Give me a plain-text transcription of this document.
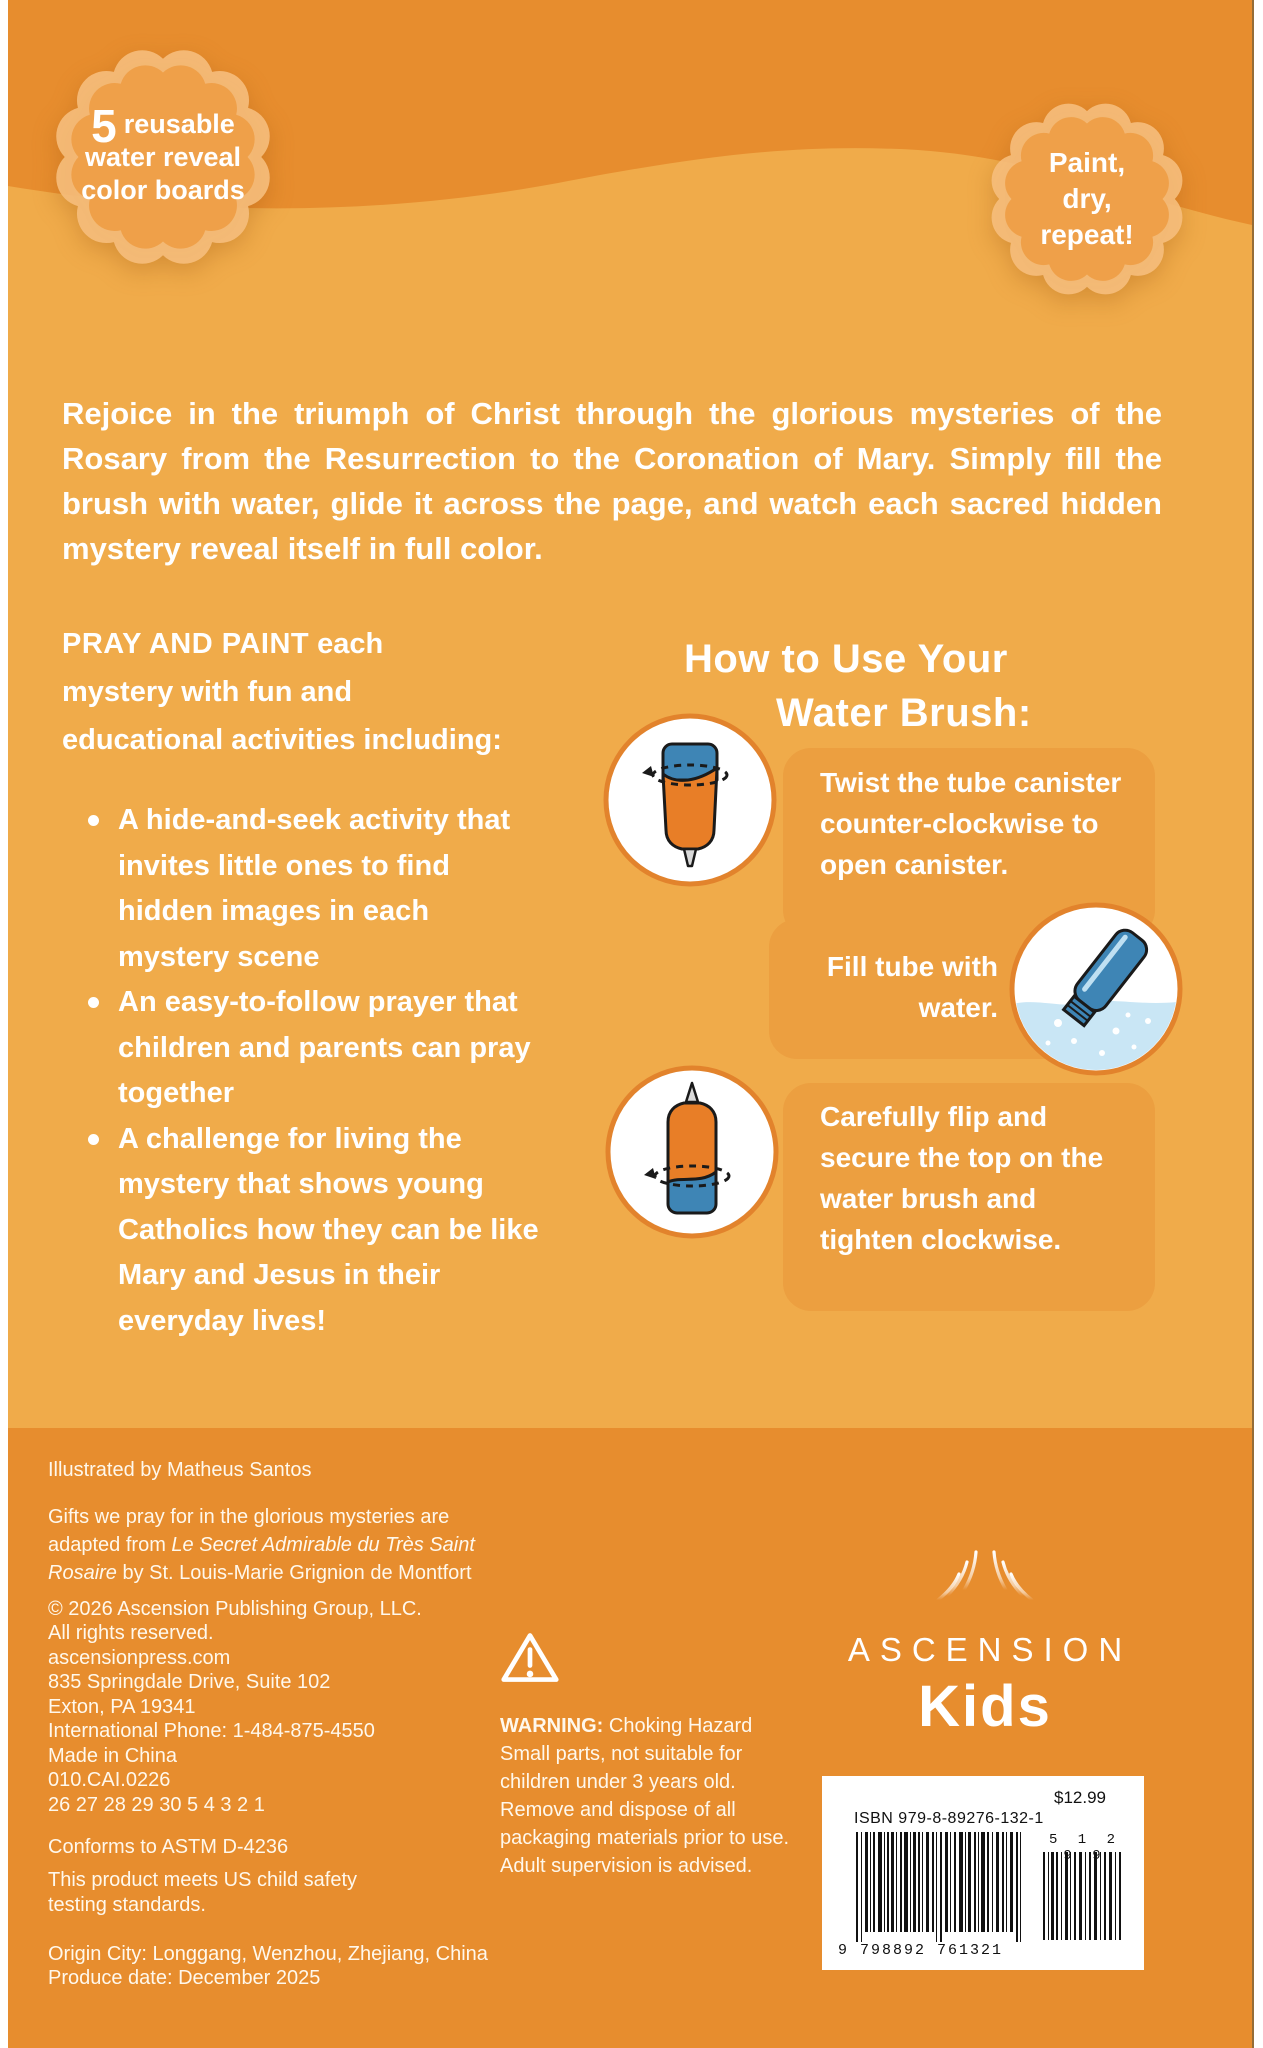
5 reusable
water reveal
color boards
Paint,
dry,
repeat!

Rejoice in the triumph of Christ through the glorious mysteries of the Rosary from the Resurrection to the Coronation of Mary. Simply fill the brush with water, glide it across the page, and watch each sacred hidden mystery reveal itself in full color.

PRAY AND PAINT each
mystery with fun and
educational activities including:
A hide-and-seek activity that invites little ones to find hidden images in each mystery scene
An easy-to-follow prayer that children and parents can pray together
A challenge for living the mystery that shows young Catholics how they can be like Mary and Jesus in their everyday lives!
How to Use Your
Water Brush:
Twist the tube canister counter-clockwise to open canister.
Fill tube with water.
Carefully flip and secure the top on the water brush and tighten clockwise.

Illustrated by Matheus Santos

Gifts we pray for in the glorious mysteries are adapted from Le Secret Admirable du Très Saint Rosaire by St. Louis-Marie Grignion de Montfort

© 2026 Ascension Publishing Group, LLC.
All rights reserved.
ascensionpress.com
835 Springdale Drive, Suite 102
Exton, PA 19341
International Phone: 1-484-875-4550
Made in China
010.CAI.0226
26 27 28 29 30 5 4 3 2 1

Conforms to ASTM D-4236

This product meets US child safety testing standards.

Origin City: Longgang, Wenzhou, Zhejiang, China

Produce date: December 2025

WARNING: Choking Hazard

Small parts, not suitable for children under 3 years old. Remove and dispose of all packaging materials prior to use. Adult supervision is advised.

ASCENSION
Kids
$12.99
ISBN 979-8-89276-132-1
9 798892 761321
5 1 2 9 9
